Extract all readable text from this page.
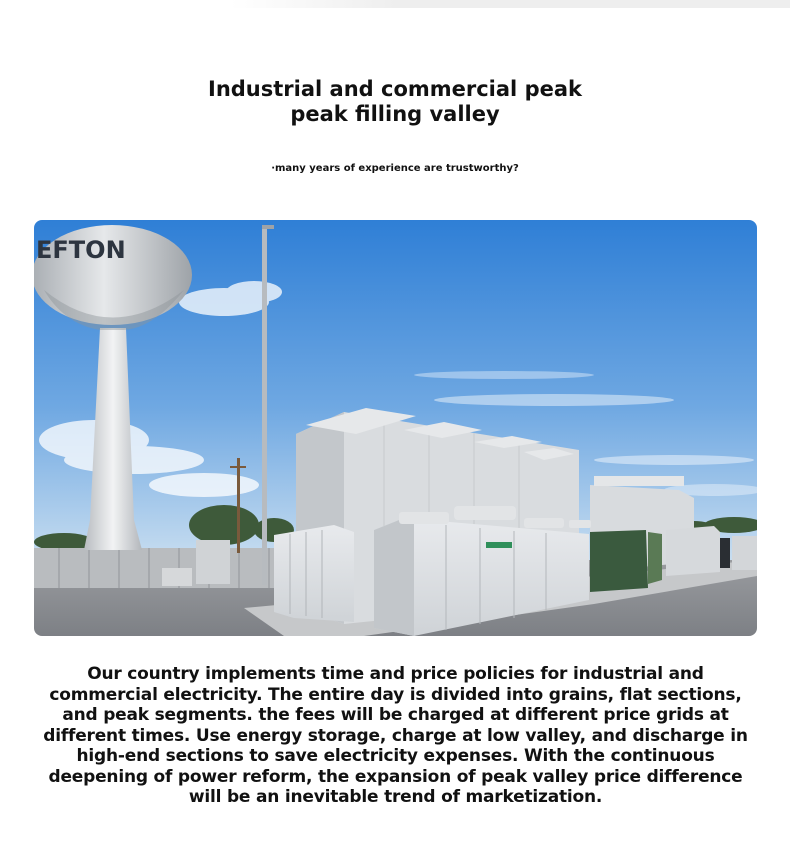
Industrial and commercial peak
peak filling valley

·many years of experience are trustworthy?

EFTON

Our country implements time and price policies for industrial and commercial electricity. The entire day is divided into grains, flat sections, and peak segments. the fees will be charged at different price grids at different times. Use energy storage, charge at low valley, and discharge in high-end sections to save electricity expenses. With the continuous deepening of power reform, the expansion of peak valley price difference will be an inevitable trend of marketization.
